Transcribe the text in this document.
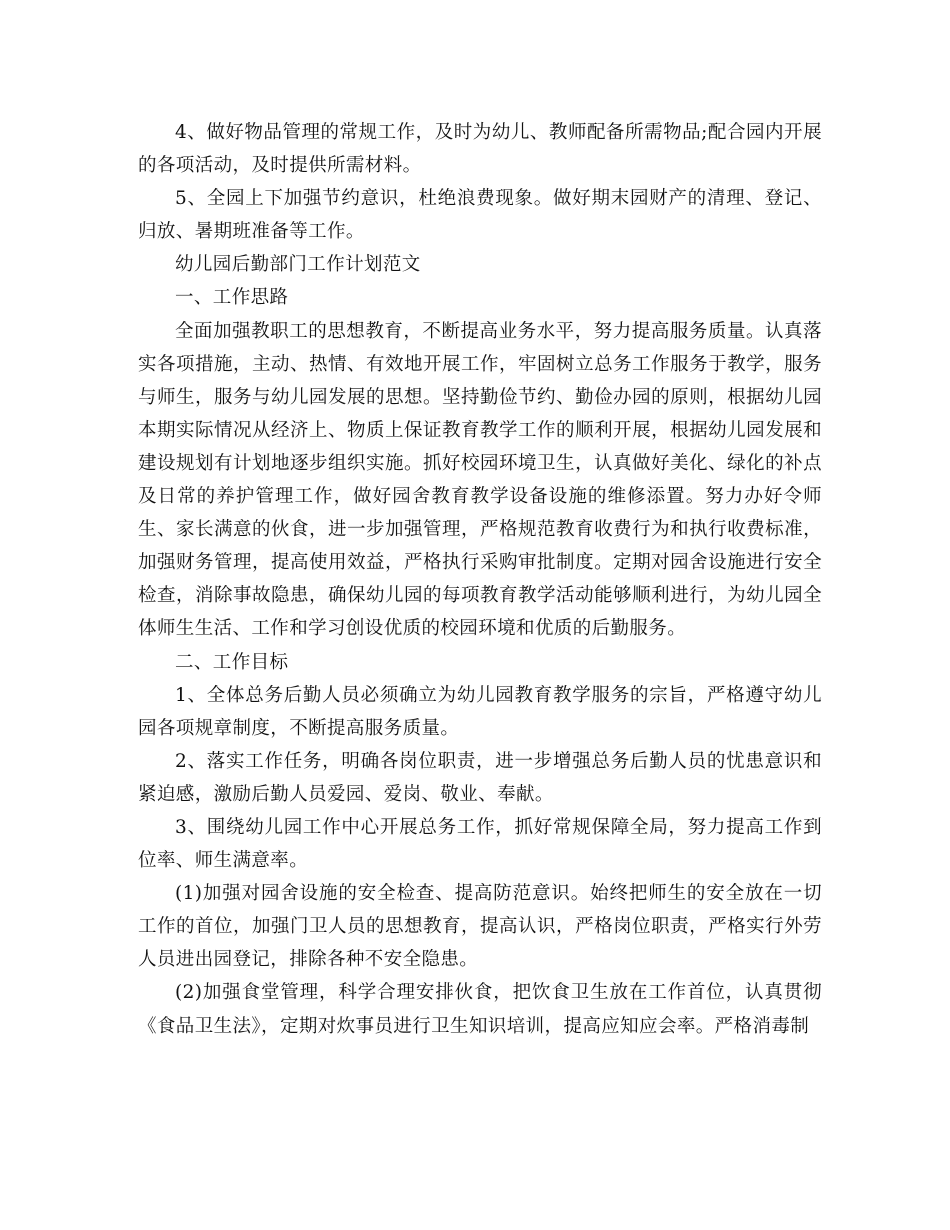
4、做好物品管理的常规工作，及时为幼儿、教师配备所需物品;配合园内开展的各项活动，及时提供所需材料。

5、全园上下加强节约意识，杜绝浪费现象。做好期末园财产的清理、登记、归放、暑期班准备等工作。

幼儿园后勤部门工作计划范文

一、工作思路

全面加强教职工的思想教育，不断提高业务水平，努力提高服务质量。认真落实各项措施，主动、热情、有效地开展工作，牢固树立总务工作服务于教学，服务与师生，服务与幼儿园发展的思想。坚持勤俭节约、勤俭办园的原则，根据幼儿园本期实际情况从经济上、物质上保证教育教学工作的顺利开展，根据幼儿园发展和建设规划有计划地逐步组织实施。抓好校园环境卫生，认真做好美化、绿化的补点及日常的养护管理工作，做好园舍教育教学设备设施的维修添置。努力办好令师生、家长满意的伙食，进一步加强管理，严格规范教育收费行为和执行收费标准，加强财务管理，提高使用效益，严格执行采购审批制度。定期对园舍设施进行安全检查，消除事故隐患，确保幼儿园的每项教育教学活动能够顺利进行，为幼儿园全体师生生活、工作和学习创设优质的校园环境和优质的后勤服务。

二、工作目标

1、全体总务后勤人员必须确立为幼儿园教育教学服务的宗旨，严格遵守幼儿园各项规章制度，不断提高服务质量。

2、落实工作任务，明确各岗位职责，进一步增强总务后勤人员的忧患意识和紧迫感，激励后勤人员爱园、爱岗、敬业、奉献。

3、围绕幼儿园工作中心开展总务工作，抓好常规保障全局，努力提高工作到位率、师生满意率。

(1)加强对园舍设施的安全检查、提高防范意识。始终把师生的安全放在一切工作的首位，加强门卫人员的思想教育，提高认识，严格岗位职责，严格实行外劳人员进出园登记，排除各种不安全隐患。

(2)加强食堂管理，科学合理安排伙食，把饮食卫生放在工作首位，认真贯彻《食品卫生法》，定期对炊事员进行卫生知识培训，提高应知应会率。严格消毒制
